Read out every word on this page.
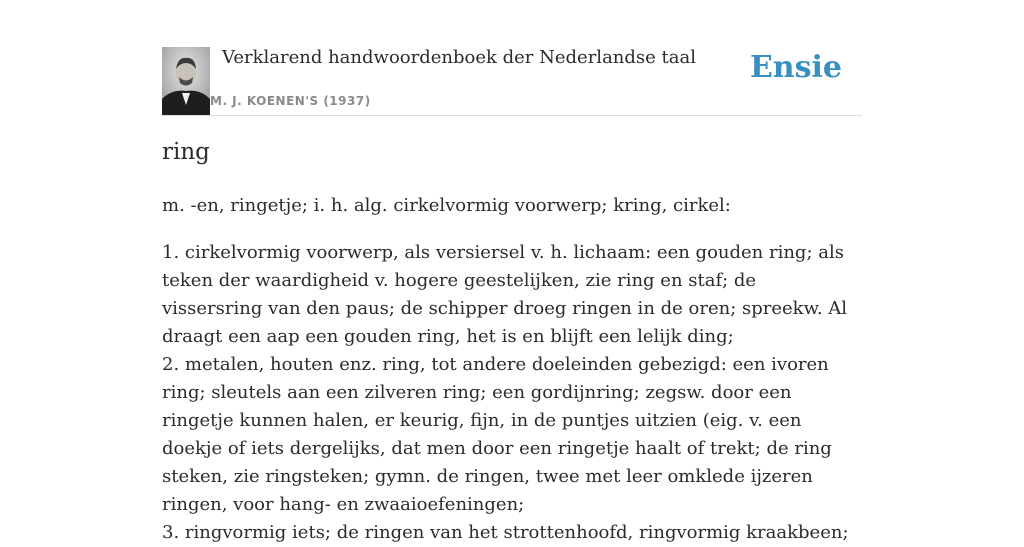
Verklarend handwoordenboek der Nederlandse taal
M. J. KOENEN'S (1937)
Ensie
ring

m. -en, ringetje; i. h. alg. cirkelvormig voorwerp; kring, cirkel:

1. cirkelvormig voorwerp, als versiersel v. h. lichaam: een gouden ring; als teken der waardigheid v. hogere geestelijken, zie ring en staf; de vissersring van den paus; de schipper droeg ringen in de oren; spreekw. Al draagt een aap een gouden ring, het is en blijft een lelijk ding;

2. metalen, houten enz. ring, tot andere doeleinden gebezigd: een ivoren ring; sleutels aan een zilveren ring; een gordijnring; zegsw. door een ringetje kunnen halen, er keurig, fijn, in de puntjes uitzien (eig. v. een doekje of iets dergelijks, dat men door een ringetje haalt of trekt; de ring steken, zie ringsteken; gymn. de ringen, twee met leer omklede ijzeren ringen, voor hang- en zwaaioefeningen;

3. ringvormig iets; de ringen van het strottenhoofd, ringvormig kraakbeen;
